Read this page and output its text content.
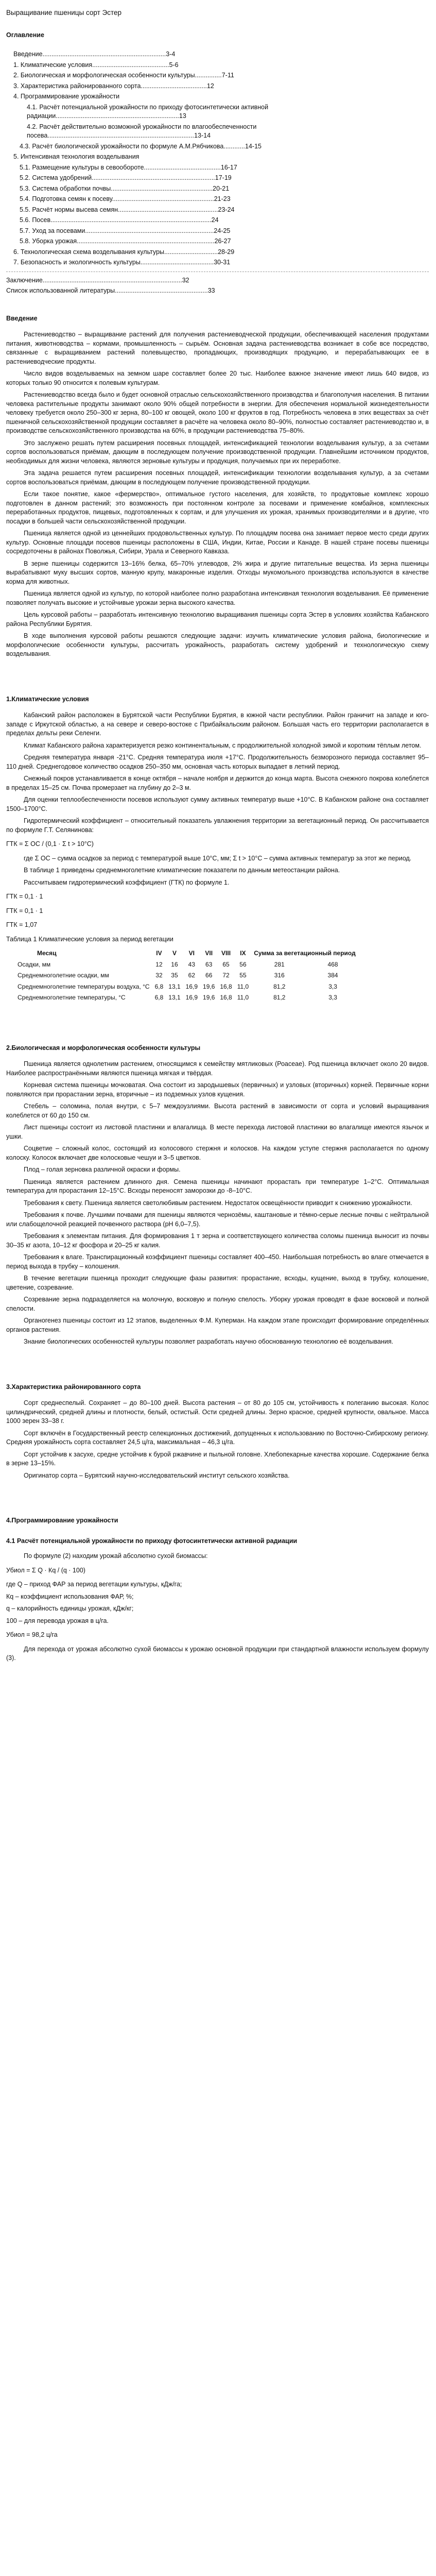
Выращивание пшеницы сорт Эстер
Оглавление
Введение.....................................................................3-4
1. Климатические условия...........................................5-6
2. Биологическая и морфологическая особенности культуры...............7-11
3. Характеристика районированного сорта.....................................12
4. Программирование урожайности
4.1. Расчёт потенциальной урожайности по приходу фотосинтетически активной радиации.....................................................................13
4.2. Расчёт действительно возможной урожайности по влагообеспеченности посева..................................................................................13-14
4.3. Расчёт биологической урожайности по формуле А.М.Рябчикова............14-15
5. Интенсивная технология возделывания
5.1. Размещение культуры в севообороте...........................................16-17
5.2. Система удобрений.....................................................................17-19
5.3. Система обработки почвы.........................................................20-21
5.4. Подготовка семян к посеву.........................................................21-23
5.5. Расчёт нормы высева семян........................................................23-24
5.6. Посев..........................................................................................24
5.7. Уход за посевами........................................................................24-25
5.8. Уборка урожая.............................................................................26-27
6. Технологическая схема возделывания культуры..............................28-29
7. Безопасность и экологичность культуры.........................................30-31
Заключение..............................................................................32
Список использованной литературы....................................................33
Введение
Растениеводство – выращивание растений для получения растениеводческой продукции, обеспечивающей населения продуктами питания, животноводства – кормами, промышленность – сырьём. Основная задача растениеводства возникает в собе все посредство, связанные с выращиванием растений полевыщество, пропадающих, производящих продукцию, и перерабатывающих ее в растениеводческие продукты.
Число видов возделываемых на земном шаре составляет более 20 тыс. Наиболее важное значение имеют лишь 640 видов, из которых только 90 относится к полевым культурам.
Растениеводство всегда было и будет основной отраслью сельскохозяйственного производства и благополучия населения. В питании человека растительные продукты занимают около 90% общей потребности в энергии. Для обеспечения нормальной жизнедеятельности человеку требуется около 250–300 кг зерна, 80–100 кг овощей, около 100 кг фруктов в год. Потребность человека в этих веществах за счёт пшеничной сельскохозяйственной продукции составляет в расчёте на человека около 80–90%, полностью составляет растениеводство и, в производстве сельскохозяйственного производства на 60%, в продукции растениеводства 75–80%.
Это заслужено решать путем расширения посевных площадей, интенсификацией технологии возделывания культур, а за счетами сортов воспользоваться приёмам, дающим в последующем получение производственной продукции. Главнейшим источником продуктов, необходимых для жизни человека, являются зерновые культуры и продукция, получаемых при их переработке.
Эта задача решается путем расширения посевных площадей, интенсификации технологии возделывания культур, а за счетами сортов воспользоваться приёмам, дающим в последующем получение производственной продукции.
Если такое понятие, какое «фермерство», оптимальное густого населения, для хозяйств, то продуктовые комплекс хорошо подготовлен в данном растений; это возможность при постоянном контроле за посевами и применение комбайнов, комплексных переработанных продуктов, пищевых, подготовленных к сортам, и для улучшения их урожая, хранимых производителями и в другие, что посадки в большей части сельскохозяйственной продукции.
Пшеница является одной из ценнейших продовольственных культур. По площадям посева она занимает первое место среди других культур. Основные площади посевов пшеницы расположены в США, Индии, Китае, России и Канаде. В нашей стране посевы пшеницы сосредоточены в районах Поволжья, Сибири, Урала и Северного Кавказа.
В зерне пшеницы содержится 13–16% белка, 65–70% углеводов, 2% жира и другие питательные вещества. Из зерна пшеницы вырабатывают муку высших сортов, манную крупу, макаронные изделия. Отходы мукомольного производства используются в качестве корма для животных.
Пшеница является одной из культур, по которой наиболее полно разработана интенсивная технология возделывания. Её применение позволяет получать высокие и устойчивые урожаи зерна высокого качества.
Цель курсовой работы – разработать интенсивную технологию выращивания пшеницы сорта Эстер в условиях хозяйства Кабанского района Республики Бурятия.
В ходе выполнения курсовой работы решаются следующие задачи: изучить климатические условия района, биологические и морфологические особенности культуры, рассчитать урожайность, разработать систему удобрений и технологическую схему возделывания.
1.Климатические условия
Кабанский район расположен в Бурятской части Республики Бурятия, в южной части республики. Район граничит на западе и юго-западе с Иркутской областью, а на севере и северо-востоке с Прибайкальским районом. Большая часть его территории располагается в пределах дельты реки Селенги.
Климат Кабанского района характеризуется резко континентальным, с продолжительной холодной зимой и коротким тёплым летом.
Средняя температура января -21°С. Средняя температура июля +17°С. Продолжительность безморозного периода составляет 95–110 дней. Среднегодовое количество осадков 250–350 мм, основная часть которых выпадает в летний период.
Снежный покров устанавливается в конце октября – начале ноября и держится до конца марта. Высота снежного покрова колеблется в пределах 15–25 см. Почва промерзает на глубину до 2–3 м.
Для оценки теплообеспеченности посевов используют сумму активных температур выше +10°С. В Кабанском районе она составляет 1500–1700°С.
Гидротермический коэффициент – относительный показатель увлажнения территории за вегетационный период. Он рассчитывается по формуле Г.Т. Селянинова:
ГТК = Σ ОС / (0,1 · Σ t > 10°С)
где Σ ОС – сумма осадков за период с температурой выше 10°С, мм; Σ t > 10°С – сумма активных температур за этот же период.
В таблице 1 приведены среднемноголетние климатические показатели по данным метеостанции района.
Рассчитываем гидротермический коэффициент (ГТК) по формуле 1.
ГТК = 0,1 · 1
ГТК = 0,1 · 1
ГТК = 1,07
Таблица 1 Климатические условия за период вегетации
Месяц	IV	V	VI	VII	VIII	IX	Сумма за вегетационный период	
Осадки, мм	12	16	43	63	65	56	281	468
Среднемноголетние осадки, мм	32	35	62	66	72	55	316	384
Среднемноголетние температуры воздуха, °С	6,8	13,1	16,9	19,6	16,8	11,0	81,2	3,3
Среднемноголетние температуры, °С	6,8	13,1	16,9	19,6	16,8	11,0	81,2	3,3
2.Биологическая и морфологическая особенности культуры
Пшеница является однолетним растением, относящимся к семейству мятликовых (Роасеае). Род пшеница включает около 20 видов. Наиболее распространёнными являются пшеница мягкая и твёрдая.
Корневая система пшеницы мочковатая. Она состоит из зародышевых (первичных) и узловых (вторичных) корней. Первичные корни появляются при прорастании зерна, вторичные – из подземных узлов кущения.
Стебель – соломина, полая внутри, с 5–7 междоузлиями. Высота растений в зависимости от сорта и условий выращивания колеблется от 60 до 150 см.
Лист пшеницы состоит из листовой пластинки и влагалища. В месте перехода листовой пластинки во влагалище имеются язычок и ушки.
Соцветие – сложный колос, состоящий из колосового стержня и колосков. На каждом уступе стержня располагается по одному колоску. Колосок включает две колосковые чешуи и 3–5 цветков.
Плод – голая зерновка различной окраски и формы.
Пшеница является растением длинного дня. Семена пшеницы начинают прорастать при температуре 1–2°С. Оптимальная температура для прорастания 12–15°С. Всходы переносят заморозки до -8–10°С.
Требования к свету. Пшеница является светолюбивым растением. Недостаток освещённости приводит к снижению урожайности.
Требования к почве. Лучшими почвами для пшеницы являются чернозёмы, каштановые и тёмно-серые лесные почвы с нейтральной или слабощелочной реакцией почвенного раствора (рН 6,0–7,5).
Требования к элементам питания. Для формирования 1 т зерна и соответствующего количества соломы пшеница выносит из почвы 30–35 кг азота, 10–12 кг фосфора и 20–25 кг калия.
Требования к влаге. Транспирационный коэффициент пшеницы составляет 400–450. Наибольшая потребность во влаге отмечается в период выхода в трубку – колошения.
В течение вегетации пшеница проходит следующие фазы развития: прорастание, всходы, кущение, выход в трубку, колошение, цветение, созревание.
Созревание зерна подразделяется на молочную, восковую и полную спелость. Уборку урожая проводят в фазе восковой и полной спелости.
Органогенез пшеницы состоит из 12 этапов, выделенных Ф.М. Куперман. На каждом этапе происходит формирование определённых органов растения.
Знание биологических особенностей культуры позволяет разработать научно обоснованную технологию её возделывания.
3.Характеристика районированного сорта
Сорт среднеспелый. Сохраняет – до 80–100 дней. Высота растения – от 80 до 105 см, устойчивость к полеганию высокая. Колос цилиндрический, средней длины и плотности, белый, остистый. Ости средней длины. Зерно красное, средней крупности, овальное. Масса 1000 зерен 33–38 г.
Сорт включён в Государственный реестр селекционных достижений, допущенных к использованию по Восточно-Сибирскому региону. Средняя урожайность сорта составляет 24,5 ц/га, максимальная – 46,3 ц/га.
Сорт устойчив к засухе, средне устойчив к бурой ржавчине и пыльной головне. Хлебопекарные качества хорошие. Содержание белка в зерне 13–15%.
Оригинатор сорта – Бурятский научно-исследовательский институт сельского хозяйства.
4.Программирование урожайности
4.1 Расчёт потенциальной урожайности по приходу фотосинтетически активной радиации
По формуле (2) находим урожай абсолютно сухой биомассы:
Убиол = Σ Q · Кq / (q · 100)
где Q – приход ФАР за период вегетации культуры, кДж/га;
Кq – коэффициент использования ФАР, %;
q – калорийность единицы урожая, кДж/кг;
100 – для перевода урожая в ц/га.
Убиол = 98,2 ц/га
Для перехода от урожая абсолютно сухой биомассы к урожаю основной продукции при стандартной влажности используем формулу (3).
